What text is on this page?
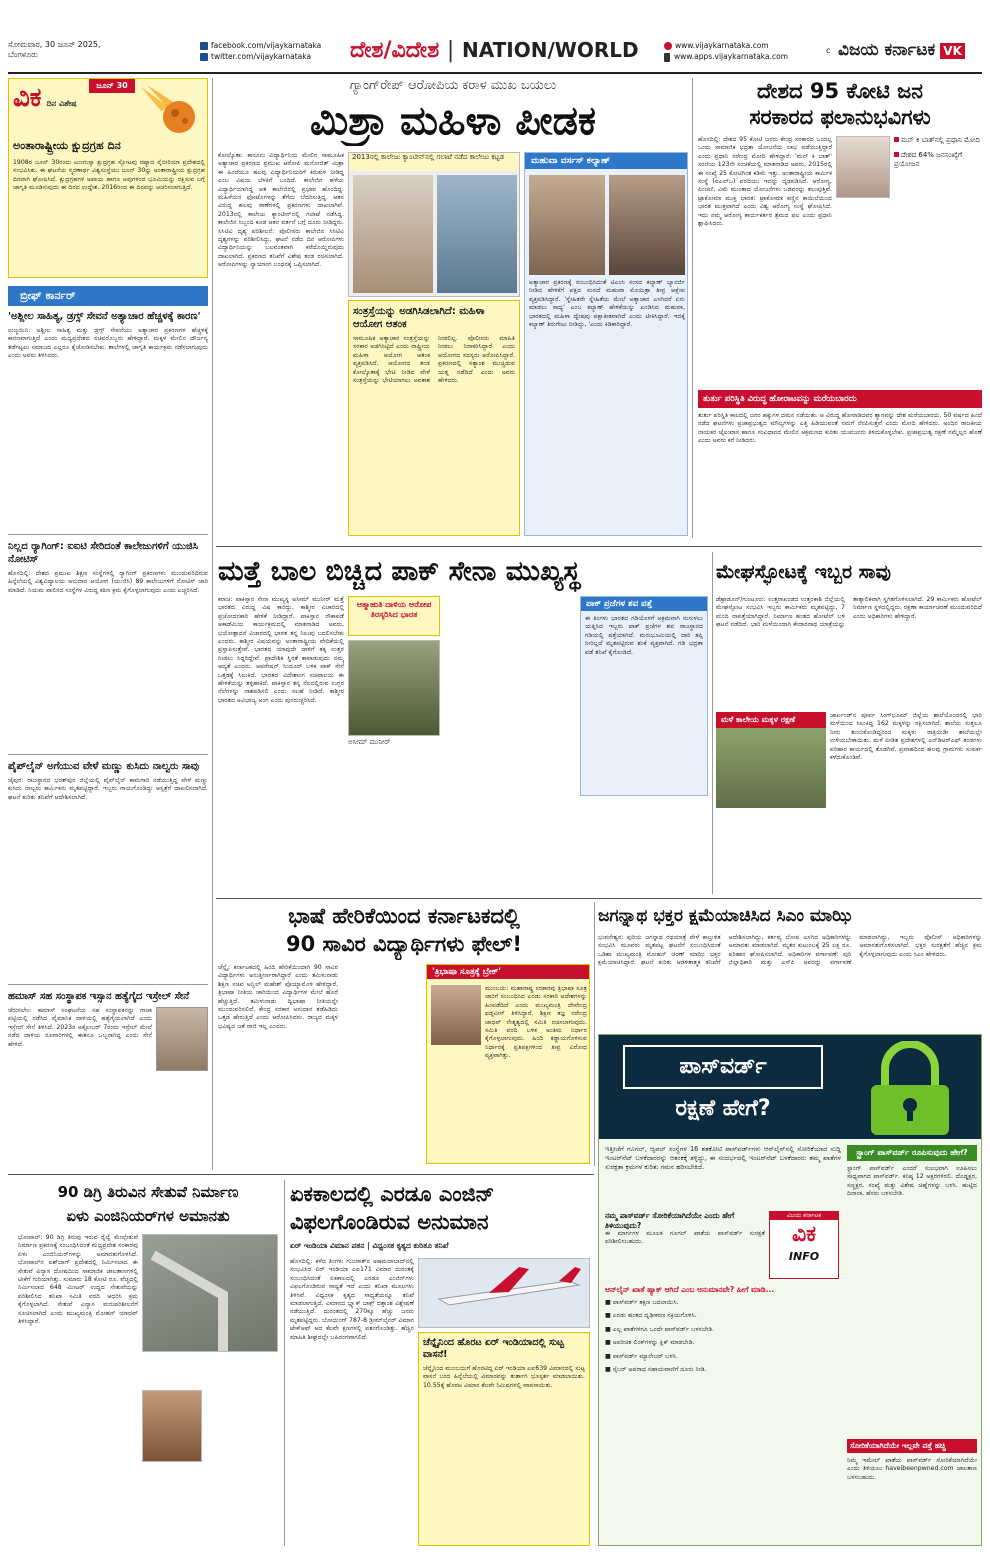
ಸೋಮವಾರ, 30 ಜೂನ್ 2025,
ಬೆಂಗಳೂರು
facebook.com/vijaykarnataka
twitter.com/vijaykarnataka	ದೇಶ/ವಿದೇಶ | NATION/WORLD	www.vijaykarnataka.com
www.apps.vijaykarnataka.com
c ವಿಜಯ ಕರ್ನಾಟಕ VK
ವಿಕ ದಿನ ವಿಶೇಷ
ಜೂನ್ 30
ಅಂತಾರಾಷ್ಟ್ರೀಯ ಕ್ಷುದ್ರಗ್ರಹ ದಿನ
1908ರ ಜೂನ್ 30ರಂದು ಟುಂಗುಸ್ಕಾ ಕ್ಷುದ್ರಗ್ರಹ ಸ್ಫೋಟವು ರಷ್ಯಾದ ಸೈಬೀರಿಯಾ ಪ್ರದೇಶದಲ್ಲಿ ಸಂಭವಿಸಿತು. ಈ ಘಟನೆಯ ಸ್ಮರಣಾರ್ಥ ವಿಶ್ವಸಂಸ್ಥೆಯು ಜೂನ್ 30ನ್ನು ಅಂತಾರಾಷ್ಟ್ರೀಯ ಕ್ಷುದ್ರಗ್ರಹ ದಿನವಾಗಿ ಘೋಷಿಸಿದೆ. ಕ್ಷುದ್ರಗ್ರಹಗಳ ಅಪಾಯ ಹಾಗೂ ಅವುಗಳಿಂದ ಭೂಮಿಯನ್ನು ರಕ್ಷಿಸುವ ಬಗ್ಗೆ ಜಾಗೃತಿ ಮೂಡಿಸುವುದು ಈ ದಿನದ ಉದ್ದೇಶ. 2016ರಿಂದ ಈ ದಿನವನ್ನು ಆಚರಿಸಲಾಗುತ್ತಿದೆ.
ಬ್ರೀಫ್ ಕಾರ್ನರ್
'ಅಶ್ಲೀಲ ಸಾಹಿತ್ಯ, ಡ್ರಗ್ಸ್ ಸೇವನೆ ಅತ್ಯಾಚಾರ ಹೆಚ್ಚಳಕ್ಕೆ ಕಾರಣ'
ಉಜ್ಜಯಿನಿ: ಅಶ್ಲೀಲ ಸಾಹಿತ್ಯ ಮತ್ತು ಡ್ರಗ್ಸ್ ಸೇವನೆಯು ಅತ್ಯಾಚಾರ ಪ್ರಕರಣಗಳ ಹೆಚ್ಚಳಕ್ಕೆ ಕಾರಣವಾಗುತ್ತಿದೆ ಎಂದು ಮಧ್ಯಪ್ರದೇಶದ ಸಚಿವರೊಬ್ಬರು ಹೇಳಿದ್ದಾರೆ. ಮಕ್ಕಳ ಮೇಲಿನ ದೌರ್ಜನ್ಯ ತಡೆಗಟ್ಟಲು ಸಮಾಜದ ಎಲ್ಲರೂ ಕೈಜೋಡಿಸಬೇಕು. ಶಾಲೆಗಳಲ್ಲಿ ಜಾಗೃತಿ ಕಾರ್ಯಕ್ರಮ ನಡೆಸಲಾಗುವುದು ಎಂದು ಅವರು ತಿಳಿಸಿದರು.
ನಿಲ್ಲದ ರ್‍ಯಾಗಿಂಗ್: ಐಐಟಿ ಸೇರಿದಂತೆ ಕಾಲೇಜುಗಳಿಗೆ ಯುಜಿಸಿ ನೋಟಿಸ್
ಹೊಸದಿಲ್ಲಿ: ದೇಶದ ಪ್ರಮುಖ ಶಿಕ್ಷಣ ಸಂಸ್ಥೆಗಳಲ್ಲಿ ರ್‍ಯಾಗಿಂಗ್ ಪ್ರಕರಣಗಳು ಮುಂದುವರಿದಿರುವ ಹಿನ್ನೆಲೆಯಲ್ಲಿ ವಿಶ್ವವಿದ್ಯಾಲಯ ಅನುದಾನ ಆಯೋಗ (ಯುಜಿಸಿ) 89 ಕಾಲೇಜುಗಳಿಗೆ ನೋಟಿಸ್ ಜಾರಿ ಮಾಡಿದೆ. ನಿಯಮ ಪಾಲಿಸದ ಸಂಸ್ಥೆಗಳ ವಿರುದ್ಧ ಕಠಿಣ ಕ್ರಮ ಕೈಗೊಳ್ಳಲಾಗುವುದು ಎಂದು ಎಚ್ಚರಿಸಿದೆ.
ಪೈಪ್‌ಲೈನ್ ಅಗೆಯುವ ವೇಳೆ ಮಣ್ಣು ಕುಸಿದು ನಾಲ್ವರು ಸಾವು
ಜೈಪುರ: ರಾಜಸ್ಥಾನದ ಭರತ್‌ಪುರ ಜಿಲ್ಲೆಯಲ್ಲಿ ಪೈಪ್‌ಲೈನ್ ಕಾಮಗಾರಿ ನಡೆಯುತ್ತಿದ್ದ ವೇಳೆ ಮಣ್ಣು ಕುಸಿದು ನಾಲ್ವರು ಕಾರ್ಮಿಕರು ಮೃತಪಟ್ಟಿದ್ದಾರೆ. ಇಬ್ಬರು ಗಾಯಗೊಂಡಿದ್ದು ಆಸ್ಪತ್ರೆಗೆ ದಾಖಲಿಸಲಾಗಿದೆ. ಘಟನೆ ಕುರಿತು ತನಿಖೆಗೆ ಆದೇಶಿಸಲಾಗಿದೆ.
ಹಮಾಸ್ ಸಹ ಸಂಸ್ಥಾಪಕ ಇಸ್ಸಾನ ಹತ್ಯೆಗೈದ ಇಸ್ರೇಲ್ ಸೇನೆ
ಜೆರುಸಲೇಂ: ಹಮಾಸ್ ಸಂಘಟನೆಯ ಸಹ ಸಂಸ್ಥಾಪಕನನ್ನು ಗಾಜಾ ಪಟ್ಟಿಯಲ್ಲಿ ನಡೆಸಿದ ವೈಮಾನಿಕ ದಾಳಿಯಲ್ಲಿ ಹತ್ಯೆಗೈಯಲಾಗಿದೆ ಎಂದು ಇಸ್ರೇಲ್ ಸೇನೆ ತಿಳಿಸಿದೆ. 2023ರ ಅಕ್ಟೋಬರ್ 7ರಂದು ಇಸ್ರೇಲ್ ಮೇಲೆ ನಡೆದ ದಾಳಿಯ ರೂವಾರಿಗಳಲ್ಲಿ ಈತನೂ ಒಬ್ಬನಾಗಿದ್ದ ಎಂದು ಸೇನೆ ಹೇಳಿದೆ.
ಗ್ಯಾಂಗ್‌ರೇಪ್ ಆರೋಪಿಯ ಕರಾಳ ಮುಖ ಬಯಲು
ಮಿಶ್ರಾ ಮಹಿಳಾ ಪೀಡಕ
ಕೋಲ್ಕೊತಾ: ಕಾನೂನು ವಿದ್ಯಾರ್ಥಿನಿಯ ಮೇಲಿನ ಸಾಮೂಹಿಕ ಅತ್ಯಾಚಾರ ಪ್ರಕರಣದ ಪ್ರಮುಖ ಆರೋಪಿ ಮನೋಜಿತ್ ಮಿಶ್ರಾ ಈ ಹಿಂದೆಯೂ ಹಲವು ವಿದ್ಯಾರ್ಥಿನಿಯರಿಗೆ ಕಿರುಕುಳ ನೀಡಿದ್ದ ಎಂಬ ವಿಷಯ ಬೆಳಕಿಗೆ ಬಂದಿದೆ. ಕಾಲೇಜಿನ ಹಳೆಯ ವಿದ್ಯಾರ್ಥಿಯಾಗಿದ್ದ ಆತ ಕಾಲೇಜಿನಲ್ಲಿ ಪ್ರಭಾವ ಹೊಂದಿದ್ದ. ಮಹಿಳೆಯರ ಫೋಟೊಗಳನ್ನು ತೆಗೆದು ಬೆದರಿಸುತ್ತಿದ್ದ. ಆತನ ವಿರುದ್ಧ ಹಲವು ಠಾಣೆಗಳಲ್ಲಿ ಪ್ರಕರಣಗಳು ದಾಖಲಾಗಿವೆ. 2013ರಲ್ಲಿ ಕಾಲೇಜು ಕ್ಯಾಂಟೀನ್‌ನಲ್ಲಿ ಗಲಾಟೆ ನಡೆಸಿದ್ದ. ಕಾಲೇಜಿನ ಸಿಬ್ಬಂದಿ ಕೂಡ ಆತನ ವರ್ತನೆ ಬಗ್ಗೆ ದೂರು ನೀಡಿದ್ದರು. ಸಿಸಿಟಿವಿ ದೃಶ್ಯ ಪರಿಶೀಲನೆ: ಪೊಲೀಸರು ಕಾಲೇಜಿನ ಸಿಸಿಟಿವಿ ದೃಶ್ಯಗಳನ್ನು ಪರಿಶೀಲಿಸಿದ್ದು, ಘಟನೆ ನಡೆದ ದಿನ ಆರೋಪಿಗಳು ವಿದ್ಯಾರ್ಥಿನಿಯನ್ನು ಬಲವಂತವಾಗಿ ಕರೆದೊಯ್ದಿರುವುದು ದಾಖಲಾಗಿದೆ. ಪ್ರಕರಣದ ತನಿಖೆಗೆ ವಿಶೇಷ ತಂಡ ರಚಿಸಲಾಗಿದೆ. ಆರೋಪಿಗಳನ್ನು ನ್ಯಾಯಾಂಗ ಬಂಧನಕ್ಕೆ ಒಪ್ಪಿಸಲಾಗಿದೆ.
2013ರಲ್ಲಿ ಕಾಲೇಜು ಕ್ಯಾಂಟೀನ್‌ನಲ್ಲಿ ಗಲಾಟೆ ನಡೆದ ಕಾಲೇಜು ಕಟ್ಟಡ
ಸಂತ್ರಸ್ತೆಯನ್ನು ಅಡಗಿಸಿಡಲಾಗಿದೆ: ಮಹಿಳಾ ಆಯೋಗ ಆತಂಕ
ಸಾಮೂಹಿಕ ಅತ್ಯಾಚಾರ ಸಂತ್ರಸ್ತೆಯನ್ನು ಸರಕಾರ ಅಡಗಿಸಿಟ್ಟಿದೆ ಎಂದು ರಾಷ್ಟ್ರೀಯ ಮಹಿಳಾ ಆಯೋಗ ಆತಂಕ ವ್ಯಕ್ತಪಡಿಸಿದೆ. ಆಯೋಗದ ತಂಡ ಕೋಲ್ಕೊತಾಕ್ಕೆ ಭೇಟಿ ನೀಡಿದ ವೇಳೆ ಸಂತ್ರಸ್ತೆಯನ್ನು ಭೇಟಿಯಾಗಲು ಅವಕಾಶ ನೀಡಲಿಲ್ಲ. ಪೊಲೀಸರು ಮಾಹಿತಿ ನೀಡಲು ನಿರಾಕರಿಸಿದ್ದಾರೆ ಎಂದು ಆಯೋಗದ ಸದಸ್ಯರು ಆರೋಪಿಸಿದ್ದಾರೆ. ಪ್ರಕರಣದಲ್ಲಿ ಸತ್ಯಾಂಶ ಮುಚ್ಚಿಡುವ ಯತ್ನ ನಡೆದಿದೆ ಎಂದು ಅವರು ಹೇಳಿದರು.
ಮಹುವಾ ವರ್ಸಸ್ ಕಲ್ಯಾಣ್
ಅತ್ಯಾಚಾರ ಪ್ರಕರಣಕ್ಕೆ ಸಂಬಂಧಿಸಿದಂತೆ ಟಿಎಂಸಿ ಸಂಸದ ಕಲ್ಯಾಣ್ ಬ್ಯಾನರ್ಜಿ ನೀಡಿದ ಹೇಳಿಕೆಗೆ ಪಕ್ಷದ ಸಂಸದೆ ಮಹುವಾ ಮೊಯಿತ್ರಾ ತೀವ್ರ ಆಕ್ಷೇಪ ವ್ಯಕ್ತಪಡಿಸಿದ್ದಾರೆ. 'ಸ್ನೇಹಿತರೇ ಸ್ನೇಹಿತೆಯ ಮೇಲೆ ಅತ್ಯಾಚಾರ ಎಸಗಿದರೆ ಏನು ಮಾಡಲು ಸಾಧ್ಯ' ಎಂಬ ಕಲ್ಯಾಣ್ ಹೇಳಿಕೆಯನ್ನು ಖಂಡಿಸಿದ ಮಹುವಾ, ಭಾರತದಲ್ಲಿ ಮಹಿಳಾ ದ್ವೇಷವು ಪಕ್ಷಾತೀತವಾಗಿದೆ ಎಂದು ಟೀಕಿಸಿದ್ದಾರೆ. ಇದಕ್ಕೆ ಕಲ್ಯಾಣ್ ತಿರುಗೇಟು ನೀಡಿದ್ದು, 'ಎಂದು ಕಿಡಿಕಾರಿದ್ದಾರೆ.
ದೇಶದ 95 ಕೋಟಿ ಜನ
ಸರಕಾರದ ಫಲಾನುಭವಿಗಳು
ಹೊಸದಿಲ್ಲಿ: ದೇಶದ 95 ಕೋಟಿ ಜನರು ಕೇಂದ್ರ ಸರಕಾರದ ಒಂದಲ್ಲ ಒಂದು ಸಾಮಾಜಿಕ ಭದ್ರತಾ ಯೋಜನೆಯ ಲಾಭ ಪಡೆಯುತ್ತಿದ್ದಾರೆ ಎಂದು ಪ್ರಧಾನಿ ನರೇಂದ್ರ ಮೋದಿ ಹೇಳಿದ್ದಾರೆ. 'ಮನ್ ಕಿ ಬಾತ್' ಸರಣಿಯ 123ನೇ ಸಂಚಿಕೆಯಲ್ಲಿ ಮಾತನಾಡಿದ ಅವರು, 2015ರಲ್ಲಿ ಈ ಸಂಖ್ಯೆ 25 ಕೋಟಿಗಿಂತ ಕಡಿಮೆ ಇತ್ತು. ಅಂತಾರಾಷ್ಟ್ರೀಯ ಕಾರ್ಮಿಕ ಸಂಸ್ಥೆ (ಐಎಲ್‌ಒ) ವರದಿಯು ಇದನ್ನು ದೃಢಪಡಿಸಿದೆ. ಆರೋಗ್ಯ, ಪಿಂಚಣಿ, ವಿಮೆ ಮುಂತಾದ ಯೋಜನೆಗಳು ಬಡವರನ್ನು ತಲುಪುತ್ತಿವೆ. ಟ್ರಾಕೋಮಾ ಮುಕ್ತ ಭಾರತ: ಟ್ರಾಕೋಮಾ ಕಣ್ಣಿನ ಕಾಯಿಲೆಯಿಂದ ಭಾರತ ಮುಕ್ತವಾಗಿದೆ ಎಂದು ವಿಶ್ವ ಆರೋಗ್ಯ ಸಂಸ್ಥೆ ಘೋಷಿಸಿದೆ. ಇದು ನಮ್ಮ ಆರೋಗ್ಯ ಕಾರ್ಯಕರ್ತರ ಶ್ರಮದ ಫಲ ಎಂದು ಪ್ರಧಾನಿ ಶ್ಲಾಘಿಸಿದರು.
ಮನ್ ಕಿ ಬಾತ್‌ನಲ್ಲಿ ಪ್ರಧಾನಿ ಮೋದಿ
ದೇಶದ 64% ಜನಸಂಖ್ಯೆಗೆ ಪ್ರಯೋಜನ
ತುರ್ತು ಪರಿಸ್ಥಿತಿ ವಿರುದ್ಧ ಹೋರಾಟವನ್ನು ಮರೆಯಬಾರದು
ತುರ್ತು ಪರಿಸ್ಥಿತಿ ಕಾಲದಲ್ಲಿ ಜನರ ಹಕ್ಕುಗಳ ದಮನ ನಡೆಯಿತು. ಆ ವಿರುದ್ಧ ಹೋರಾಡಿದವರ ತ್ಯಾಗವನ್ನು ದೇಶ ಮರೆಯಬಾರದು. 50 ವರ್ಷದ ಹಿಂದೆ ನಡೆದ ಘಟನೆಗಳು ಪ್ರಜಾಪ್ರಭುತ್ವದ ಮೌಲ್ಯಗಳನ್ನು ಎತ್ತಿ ಹಿಡಿಯುವಂತೆ ನಮಗೆ ನೆನಪಿಸುತ್ತವೆ ಎಂದು ಮೋದಿ ಹೇಳಿದರು. ಅಂದಿನ ರಾಜಕೀಯ ನಾಯಕರ ಜೈಲುವಾಸ ಹಾಗೂ ಸಂವಿಧಾನದ ಮೇಲಿನ ಆಕ್ರಮಣದ ಕುರಿತು ಯುವಜನರು ತಿಳಿದುಕೊಳ್ಳಬೇಕು. ಪ್ರಜಾಪ್ರಭುತ್ವ ರಕ್ಷಣೆ ನಮ್ಮೆಲ್ಲರ ಹೊಣೆ ಎಂದು ಅವರು ಕರೆ ನೀಡಿದರು.
ಮತ್ತೆ ಬಾಲ ಬಿಚ್ಚಿದ ಪಾಕ್ ಸೇನಾ ಮುಖ್ಯಸ್ಥ
ಕರಾಚಿ: ಪಾಕಿಸ್ತಾನ ಸೇನಾ ಮುಖ್ಯಸ್ಥ ಅಸೀಮ್ ಮುನೀರ್ ಮತ್ತೆ ಭಾರತದ ವಿರುದ್ಧ ವಿಷ ಕಾರಿದ್ದು, ಕಾಶ್ಮೀರ ವಿಚಾರದಲ್ಲಿ ಪ್ರಚೋದನಕಾರಿ ಹೇಳಿಕೆ ನೀಡಿದ್ದಾರೆ. ಪಾಕಿಸ್ತಾನ ನೌಕಾಪಡೆ ಅಕಾಡೆಮಿಯ ಕಾರ್ಯಕ್ರಮದಲ್ಲಿ ಮಾತನಾಡಿದ ಅವರು, ಭಯೋತ್ಪಾದನೆ ವಿಚಾರದಲ್ಲಿ ಭಾರತ ತನ್ನ ನಿಲುವು ಬದಲಿಸಬೇಕು ಎಂದರು. ಕಾಶ್ಮೀರ ವಿಷಯವನ್ನು ಅಂತಾರಾಷ್ಟ್ರೀಯ ವೇದಿಕೆಯಲ್ಲಿ ಪ್ರಸ್ತಾಪಿಸುತ್ತೇವೆ. ಭಾರತದ ಯಾವುದೇ ದಾಳಿಗೆ ತಕ್ಕ ಉತ್ತರ ನೀಡಲು ಸಿದ್ಧರಿದ್ದೇವೆ. ಪ್ರಾದೇಶಿಕ ಸ್ಥಿರತೆ ಕಾಪಾಡುವುದು ನಮ್ಮ ಆದ್ಯತೆ ಎಂದರು. ಆಪರೇಷನ್ ಸಿಂದೂರ್ ಬಳಿಕ ಪಾಕ್ ಸೇನೆ ಒತ್ತಡಕ್ಕೆ ಸಿಲುಕಿದೆ. ಭಾರತದ ವಿದೇಶಾಂಗ ಸಚಿವಾಲಯ ಈ ಹೇಳಿಕೆಯನ್ನು ತಳ್ಳಿಹಾಕಿದೆ. ಪಾಕಿಸ್ತಾನ ತನ್ನ ನೆಲದಲ್ಲಿರುವ ಉಗ್ರರ ನೆಲೆಗಳನ್ನು ನಾಶಪಡಿಸಲಿ ಎಂದು ಸಲಹೆ ನೀಡಿದೆ. ಕಾಶ್ಮೀರ ಭಾರತದ ಅವಿಭಾಜ್ಯ ಅಂಗ ಎಂದು ಪುನರುಚ್ಚರಿಸಿದೆ.
ಆತ್ಮಾಹುತಿ ದಾಳಿಯ ಆರೋಪ ತಿರಸ್ಕರಿಸಿದ ಭಾರತ
ಅಸೀಮ್ ಮುನೀರ್
ಪಾಕ್ ಪ್ರಜೆಗಳ ಶವ ಪತ್ತೆ
ಈ ತಿಂಗಳು ಭಾರತದ ಗಡಿಯೊಳಗೆ ಅಕ್ರಮವಾಗಿ ನುಸುಳಲು ಯತ್ನಿಸಿದ ಇಬ್ಬರು ಪಾಕ್ ಪ್ರಜೆಗಳ ಶವ ರಾಜಸ್ಥಾನದ ಗಡಿಯಲ್ಲಿ ಪತ್ತೆಯಾಗಿದೆ. ಮರುಭೂಮಿಯಲ್ಲಿ ದಾರಿ ತಪ್ಪಿ ನೀರಿಲ್ಲದೆ ಮೃತಪಟ್ಟಿರುವ ಶಂಕೆ ವ್ಯಕ್ತವಾಗಿದೆ. ಗಡಿ ಭದ್ರತಾ ಪಡೆ ತನಿಖೆ ಕೈಗೊಂಡಿದೆ.
ಮೇಘಸ್ಫೋಟಕ್ಕೆ ಇಬ್ಬರ ಸಾವು
ಡೆಹ್ರಾಡೂನ್/ಗುಂಟೂರು: ಉತ್ತರಾಖಂಡದ ಉತ್ತರಕಾಶಿ ಜಿಲ್ಲೆಯಲ್ಲಿ ಮೇಘಸ್ಫೋಟ ಸಂಭವಿಸಿ ಇಬ್ಬರು ಕಾರ್ಮಿಕರು ಮೃತಪಟ್ಟಿದ್ದು, 7 ಮಂದಿ ನಾಪತ್ತೆಯಾಗಿದ್ದಾರೆ. ನಿರ್ಮಾಣ ಹಂತದ ಹೋಟೆಲ್ ಬಳಿ ಘಟನೆ ನಡೆದಿದೆ. ಭಾರಿ ಮಳೆಯಿಂದಾಗಿ ಕೇದಾರನಾಥ ಯಾತ್ರೆಯನ್ನು ತಾತ್ಕಾಲಿಕವಾಗಿ ಸ್ಥಗಿತಗೊಳಿಸಲಾಗಿದೆ. 29 ಕಾರ್ಮಿಕರು ಹೋಟೆಲ್ ನಿರ್ಮಾಣ ಸ್ಥಳದಲ್ಲಿದ್ದರು. ರಕ್ಷಣಾ ಕಾರ್ಯಾಚರಣೆ ಮುಂದುವರಿದಿದೆ ಎಂದು ಅಧಿಕಾರಿಗಳು ಹೇಳಿದ್ದಾರೆ.
ಮಳೆ ಕಾಲೇಯ ಮಕ್ಕಳ ರಕ್ಷಣೆ	ಜಾರ್ಖಂಡ್‌ನ ಪೂರ್ವ ಸಿಂಗ್‌ಭೂಮ್ ಜಿಲ್ಲೆಯ ಶಾಲೆಯೊಂದರಲ್ಲಿ ಭಾರಿ ಮಳೆಯಿಂದ ಸಿಲುಕಿದ್ದ 162 ಮಕ್ಕಳನ್ನು ರಕ್ಷಿಸಲಾಗಿದೆ. ಶಾಲೆಯ ಸುತ್ತಲೂ ನೀರು ತುಂಬಿಕೊಂಡಿದ್ದರಿಂದ ಮಕ್ಕಳು ರಾತ್ರಿಯಿಡೀ ಶಾಲೆಯಲ್ಲೇ ಉಳಿಯಬೇಕಾಯಿತು. ಮಳೆ ಪೀಡಿತ ಪ್ರದೇಶಗಳಲ್ಲಿ ಎನ್‌ಡಿಆರ್‌ಎಫ್ ತಂಡಗಳು ಪರಿಹಾರ ಕಾರ್ಯದಲ್ಲಿ ತೊಡಗಿವೆ. ಪ್ರವಾಹದಿಂದ ಹಲವು ಗ್ರಾಮಗಳು ಸಂಪರ್ಕ ಕಳೆದುಕೊಂಡಿವೆ.
ಭಾಷೆ ಹೇರಿಕೆಯಿಂದ ಕರ್ನಾಟಕದಲ್ಲಿ
90 ಸಾವಿರ ವಿದ್ಯಾರ್ಥಿಗಳು ಫೇಲ್!
ಚೆನ್ನೈ: ಕರ್ನಾಟಕದಲ್ಲಿ ಹಿಂದಿ ಹೇರಿಕೆಯಿಂದಾಗಿ 90 ಸಾವಿರ ವಿದ್ಯಾರ್ಥಿಗಳು ಅನುತ್ತೀರ್ಣರಾಗಿದ್ದಾರೆ ಎಂದು ತಮಿಳುನಾಡು ಶಿಕ್ಷಣ ಸಚಿವ ಅನ್ಬಿಲ್ ಮಹೇಶ್ ಪೊಯ್ಯಾಮೊಳಿ ಹೇಳಿದ್ದಾರೆ. ತ್ರಿಭಾಷಾ ನೀತಿಯ ಜಾರಿಯಿಂದ ವಿದ್ಯಾರ್ಥಿಗಳ ಮೇಲೆ ಹೊರೆ ಹೆಚ್ಚುತ್ತಿದೆ. ತಮಿಳುನಾಡು ದ್ವಿಭಾಷಾ ನೀತಿಯನ್ನೇ ಮುಂದುವರಿಸಲಿದೆ. ಕೇಂದ್ರ ಸರಕಾರ ಅನುದಾನ ತಡೆಹಿಡಿದು ಒತ್ತಡ ಹೇರುತ್ತಿದೆ ಎಂದು ಆರೋಪಿಸಿದರು. ರಾಜ್ಯದ ಮಕ್ಕಳ ಭವಿಷ್ಯದ ಜತೆ ರಾಜಿ ಇಲ್ಲ ಎಂದರು.
'ತ್ರಿಭಾಷಾ ಸೂತ್ರಕ್ಕೆ ಬ್ರೇಕ್'
ಮುಂಬಯಿ: ಮಹಾರಾಷ್ಟ್ರ ಸರಕಾರವು ತ್ರಿಭಾಷಾ ಸೂತ್ರ ಜಾರಿಗೆ ಸಂಬಂಧಿಸಿದ ಎರಡು ಸರಕಾರಿ ಆದೇಶಗಳನ್ನು ಹಿಂಪಡೆದಿದೆ ಎಂದು ಮುಖ್ಯಮಂತ್ರಿ ದೇವೇಂದ್ರ ಫಡ್ನವೀಸ್ ತಿಳಿಸಿದ್ದಾರೆ. ಶಿಕ್ಷಣ ತಜ್ಞ ನರೇಂದ್ರ ಜಾಧವ್ ನೇತೃತ್ವದಲ್ಲಿ ಸಮಿತಿ ರಚಿಸಲಾಗುವುದು. ಸಮಿತಿ ವರದಿ ಬಳಿಕ ಅಂತಿಮ ನಿರ್ಧಾರ ಕೈಗೊಳ್ಳಲಾಗುವುದು. ಹಿಂದಿ ಕಡ್ಡಾಯಗೊಳಿಸುವ ನಿರ್ಧಾರಕ್ಕೆ ಪ್ರತಿಪಕ್ಷಗಳಿಂದ ತೀವ್ರ ವಿರೋಧ ವ್ಯಕ್ತವಾಗಿತ್ತು.
ಜಗನ್ನಾಥ ಭಕ್ತರ ಕ್ಷಮೆಯಾಚಿಸಿದ ಸಿಎಂ ಮಾಝಿ
ಭುವನೇಶ್ವರ: ಪುರಿಯ ಜಗನ್ನಾಥ ರಥಯಾತ್ರೆ ವೇಳೆ ಕಾಲ್ತುಳಿತ ಸಂಭವಿಸಿ ಮೂವರು ಮೃತಪಟ್ಟ ಘಟನೆಗೆ ಸಂಬಂಧಿಸಿದಂತೆ ಒಡಿಶಾ ಮುಖ್ಯಮಂತ್ರಿ ಮೋಹನ್ ಚರಣ್ ಮಾಝಿ ಭಕ್ತರ ಕ್ಷಮೆಯಾಚಿಸಿದ್ದಾರೆ. ಘಟನೆ ಕುರಿತು ಆಡಳಿತಾತ್ಮಕ ತನಿಖೆಗೆ ಆದೇಶಿಸಲಾಗಿದ್ದು, ಕರ್ತವ್ಯ ಲೋಪ ಎಸಗಿದ ಅಧಿಕಾರಿಗಳನ್ನು ಅಮಾನತು ಮಾಡಲಾಗಿದೆ. ಮೃತರ ಕುಟುಂಬಕ್ಕೆ 25 ಲಕ್ಷ ರೂ. ಪರಿಹಾರ ಘೋಷಿಸಲಾಗಿದೆ. ಅಧಿಕಾರಿಗಳ ವರ್ಗಾವಣೆ: ಪುರಿ ಜಿಲ್ಲಾಧಿಕಾರಿ ಮತ್ತು ಎಸ್‌ಪಿ ಅವರನ್ನು ವರ್ಗಾವಣೆ ಮಾಡಲಾಗಿದ್ದು, ಇಬ್ಬರು ಪೊಲೀಸ್ ಅಧಿಕಾರಿಗಳನ್ನು ಅಮಾನತುಗೊಳಿಸಲಾಗಿದೆ. ಭಕ್ತರ ಸುರಕ್ಷತೆಗೆ ಹೆಚ್ಚಿನ ಕ್ರಮ ಕೈಗೊಳ್ಳಲಾಗುವುದು ಎಂದು ಸಿಎಂ ಹೇಳಿದರು.
ಪಾಸ್‌ವರ್ಡ್
ರಕ್ಷಣೆ ಹೇಗೆ?
ಇತ್ತೀಚೆಗೆ ಗೂಗಲ್, ಆ್ಯಪಲ್ ಸಂಸ್ಥೆಗಳ 16 ಶತಕೋಟಿ ಪಾಸ್‌ವರ್ಡ್‌ಗಳು ಆನ್‌ಲೈನ್‌ನಲ್ಲಿ ಸೋರಿಕೆಯಾದ ಸುದ್ದಿ ಇಂಟರ್‌ನೆಟ್ ಬಳಕೆದಾರರನ್ನು ಆತಂಕಕ್ಕೆ ತಳ್ಳಿದ್ದು, ಈ ಸಂದರ್ಭದಲ್ಲಿ ಇಂಟರ್‌ನೆಟ್ ಬಳಕೆದಾರರು ತಮ್ಮ ಖಾತೆಗಳ ಸುರಕ್ಷತಾ ಕ್ರಮಗಳ ಕುರಿತು ಗಮನ ಹರಿಸಬೇಕಿದೆ.
ನಮ್ಮ ಪಾಸ್‌ವರ್ಡ್ ಸೋರಿಕೆಯಾಗಿದೆಯೇ ಎಂದು ಹೇಗೆ ತಿಳಿಯುವುದು?
ಈ ಮಾರ್ಗಗಳ ಮೂಲಕ ಗೂಗಲ್ ಖಾತೆಯ ಪಾಸ್‌ವರ್ಡ್ ಸುರಕ್ಷತೆ ಪರಿಶೀಲಿಸಬಹುದು.
ವಿಜಯ ಕರ್ನಾಟಕ
ವಿಕ
INFO
ಆನ್‌ಲೈನ್ ಖಾತೆ ಹ್ಯಾಕ್ ಆಗಿದೆ ಎಂಬ ಅನುಮಾನವೇ? ಹೀಗೆ ಮಾಡಿ...
■ ಪಾಸ್‌ವರ್ಡ್ ತಕ್ಷಣ ಬದಲಾಯಿಸಿ.
■ ಎರಡು ಹಂತದ ದೃಢೀಕರಣ ಸಕ್ರಿಯಗೊಳಿಸಿ.
■ ಎಲ್ಲ ಖಾತೆಗಳಿಗೂ ಒಂದೇ ಪಾಸ್‌ವರ್ಡ್ ಬಳಸಬೇಡಿ.
■ ಅಪರಿಚಿತ ಲಿಂಕ್‌ಗಳನ್ನು ಕ್ಲಿಕ್ ಮಾಡಬೇಡಿ.
■ ಪಾಸ್‌ವರ್ಡ್ ಮ್ಯಾನೇಜರ್ ಬಳಸಿ.
■ ಸೈಬರ್ ಅಪರಾಧ ಸಹಾಯವಾಣಿಗೆ ದೂರು ನೀಡಿ.
ಸ್ಟ್ರಾಂಗ್ ಪಾಸ್‌ವರ್ಡ್ ರೂಪಿಸುವುದು ಹೇಗೆ?
ಸ್ಟ್ರಾಂಗ್ ಪಾಸ್‌ವರ್ಡ್ ಎಂದರೆ ಸುಲಭವಾಗಿ ಊಹಿಸಲು ಸಾಧ್ಯವಾಗದ ಪಾಸ್‌ವರ್ಡ್. ಕನಿಷ್ಠ 12 ಅಕ್ಷರಗಳಿರಲಿ. ದೊಡ್ಡಕ್ಷರ, ಸಣ್ಣಕ್ಷರ, ಸಂಖ್ಯೆ ಮತ್ತು ವಿಶೇಷ ಚಿಹ್ನೆಗಳನ್ನು ಬಳಸಿ. ಹುಟ್ಟಿದ ದಿನಾಂಕ, ಹೆಸರು ಬಳಸಬೇಡಿ.
ಸೋರಿಕೆಯಾಗಿದೆಯೇ ಇಲ್ಲವೇ ಪತ್ತೆ ಹಚ್ಚಿ
ನಿಮ್ಮ ಇಮೇಲ್ ಖಾತೆಯ ಪಾಸ್‌ವರ್ಡ್ ಸೋರಿಕೆಯಾಗಿದೆಯೇ ಎಂದು ತಿಳಿಯಲು haveibeenpwned.com ಜಾಲತಾಣ ಬಳಸಬಹುದು.
90 ಡಿಗ್ರಿ ತಿರುವಿನ ಸೇತುವೆ ನಿರ್ಮಾಣ
ಏಳು ಎಂಜಿನಿಯರ್‌ಗಳ ಅಮಾನತು
ಭೋಪಾಲ್: 90 ಡಿಗ್ರಿ ತಿರುವು ಇರುವ ರೈಲ್ವೆ ಮೇಲ್ಸೇತುವೆ ನಿರ್ಮಾಣ ಪ್ರಕರಣಕ್ಕೆ ಸಂಬಂಧಿಸಿದಂತೆ ಮಧ್ಯಪ್ರದೇಶ ಸರಕಾರವು ಏಳು ಎಂಜಿನಿಯರ್‌ಗಳನ್ನು ಅಮಾನತುಗೊಳಿಸಿದೆ. ಭೋಪಾಲ್‌ನ ಐಶ್‌ಬಾಗ್ ಪ್ರದೇಶದಲ್ಲಿ ನಿರ್ಮಿಸಲಾದ ಈ ಸೇತುವೆ ವಿನ್ಯಾಸ ದೋಷದಿಂದ ಸಾಮಾಜಿಕ ಜಾಲತಾಣಗಳಲ್ಲಿ ಟೀಕೆಗೆ ಗುರಿಯಾಗಿತ್ತು. ಸುಮಾರು 18 ಕೋಟಿ ರೂ. ವೆಚ್ಚದಲ್ಲಿ ನಿರ್ಮಿಸಲಾದ 648 ಮೀಟರ್ ಉದ್ದದ ಸೇತುವೆಯನ್ನು ಪರಿಶೀಲಿಸಿದ ತನಿಖಾ ಸಮಿತಿ ವರದಿ ಆಧರಿಸಿ ಕ್ರಮ ಕೈಗೊಳ್ಳಲಾಗಿದೆ. ಸೇತುವೆ ವಿನ್ಯಾಸ ಮರುಪರಿಶೀಲನೆಗೆ ಸೂಚಿಸಲಾಗಿದೆ ಎಂದು ಮುಖ್ಯಮಂತ್ರಿ ಮೋಹನ್ ಯಾದವ್ ತಿಳಿಸಿದ್ದಾರೆ.
ಏಕಕಾಲದಲ್ಲಿ ಎರಡೂ ಎಂಜಿನ್
ವಿಫಲಗೊಂಡಿರುವ ಅನುಮಾನ
ಏರ್ ಇಂಡಿಯಾ ವಿಮಾನ ಪತನ | ವಿಧ್ವಂಸಕ ಕೃತ್ಯದ ಕುರಿತೂ ತನಿಖೆ
ಹೊಸದಿಲ್ಲಿ: ಕಳೆದ ತಿಂಗಳು ಗುಜರಾತ್‌ನ ಅಹಮದಾಬಾದ್‌ನಲ್ಲಿ ಸಂಭವಿಸಿದ ಏರ್ ಇಂಡಿಯಾ ಎಐ171 ವಿಮಾನ ದುರಂತಕ್ಕೆ ಸಂಬಂಧಿಸಿದಂತೆ ಏಕಕಾಲದಲ್ಲಿ ಎರಡೂ ಎಂಜಿನ್‌ಗಳು ವಿಫಲಗೊಂಡಿರುವ ಸಾಧ್ಯತೆ ಇದೆ ಎಂದು ತನಿಖಾ ಮೂಲಗಳು ತಿಳಿಸಿವೆ. ವಿಧ್ವಂಸಕ ಕೃತ್ಯದ ಸಾಧ್ಯತೆಯನ್ನೂ ತನಿಖೆ ಮಾಡಲಾಗುತ್ತಿದೆ. ವಿಮಾನದ ಬ್ಲ್ಯಾಕ್ ಬಾಕ್ಸ್ ದತ್ತಾಂಶ ವಿಶ್ಲೇಷಣೆ ನಡೆಯುತ್ತಿದೆ. ದುರಂತದಲ್ಲಿ 270ಕ್ಕೂ ಹೆಚ್ಚು ಜನರು ಮೃತಪಟ್ಟಿದ್ದರು. ಬೋಯಿಂಗ್ 787-8 ಡ್ರೀಮ್‌ಲೈನರ್ ವಿಮಾನ ಟೇಕ್‌ಆಫ್ ಆದ ಕೆಲವೇ ಕ್ಷಣಗಳಲ್ಲಿ ಪತನಗೊಂಡಿತ್ತು. ಹೆಚ್ಚಿನ ಮಾಹಿತಿ ಶೀಘ್ರದಲ್ಲೇ ಬಹಿರಂಗವಾಗಲಿದೆ.	ಚೆನ್ನೈನಿಂದ ಹೊರಟ ಏರ್ ಇಂಡಿಯಾದಲ್ಲಿ ಸುಟ್ಟ ವಾಸನೆ!
ಚೆನ್ನೈನಿಂದ ಮುಂಬಯಿಗೆ ಹೊರಟಿದ್ದ ಏರ್ ಇಂಡಿಯಾ ಎಐ639 ವಿಮಾನದಲ್ಲಿ ಸುಟ್ಟ ವಾಸನೆ ಬಂದ ಹಿನ್ನೆಲೆಯಲ್ಲಿ ವಿಮಾನವನ್ನು ತುರ್ತಾಗಿ ಭೂಸ್ಪರ್ಶ ಮಾಡಲಾಯಿತು. 10.55ಕ್ಕೆ ಹೊರಟ ವಿಮಾನ ಕೆಲವೇ ನಿಮಿಷಗಳಲ್ಲಿ ವಾಪಸಾಯಿತು.
